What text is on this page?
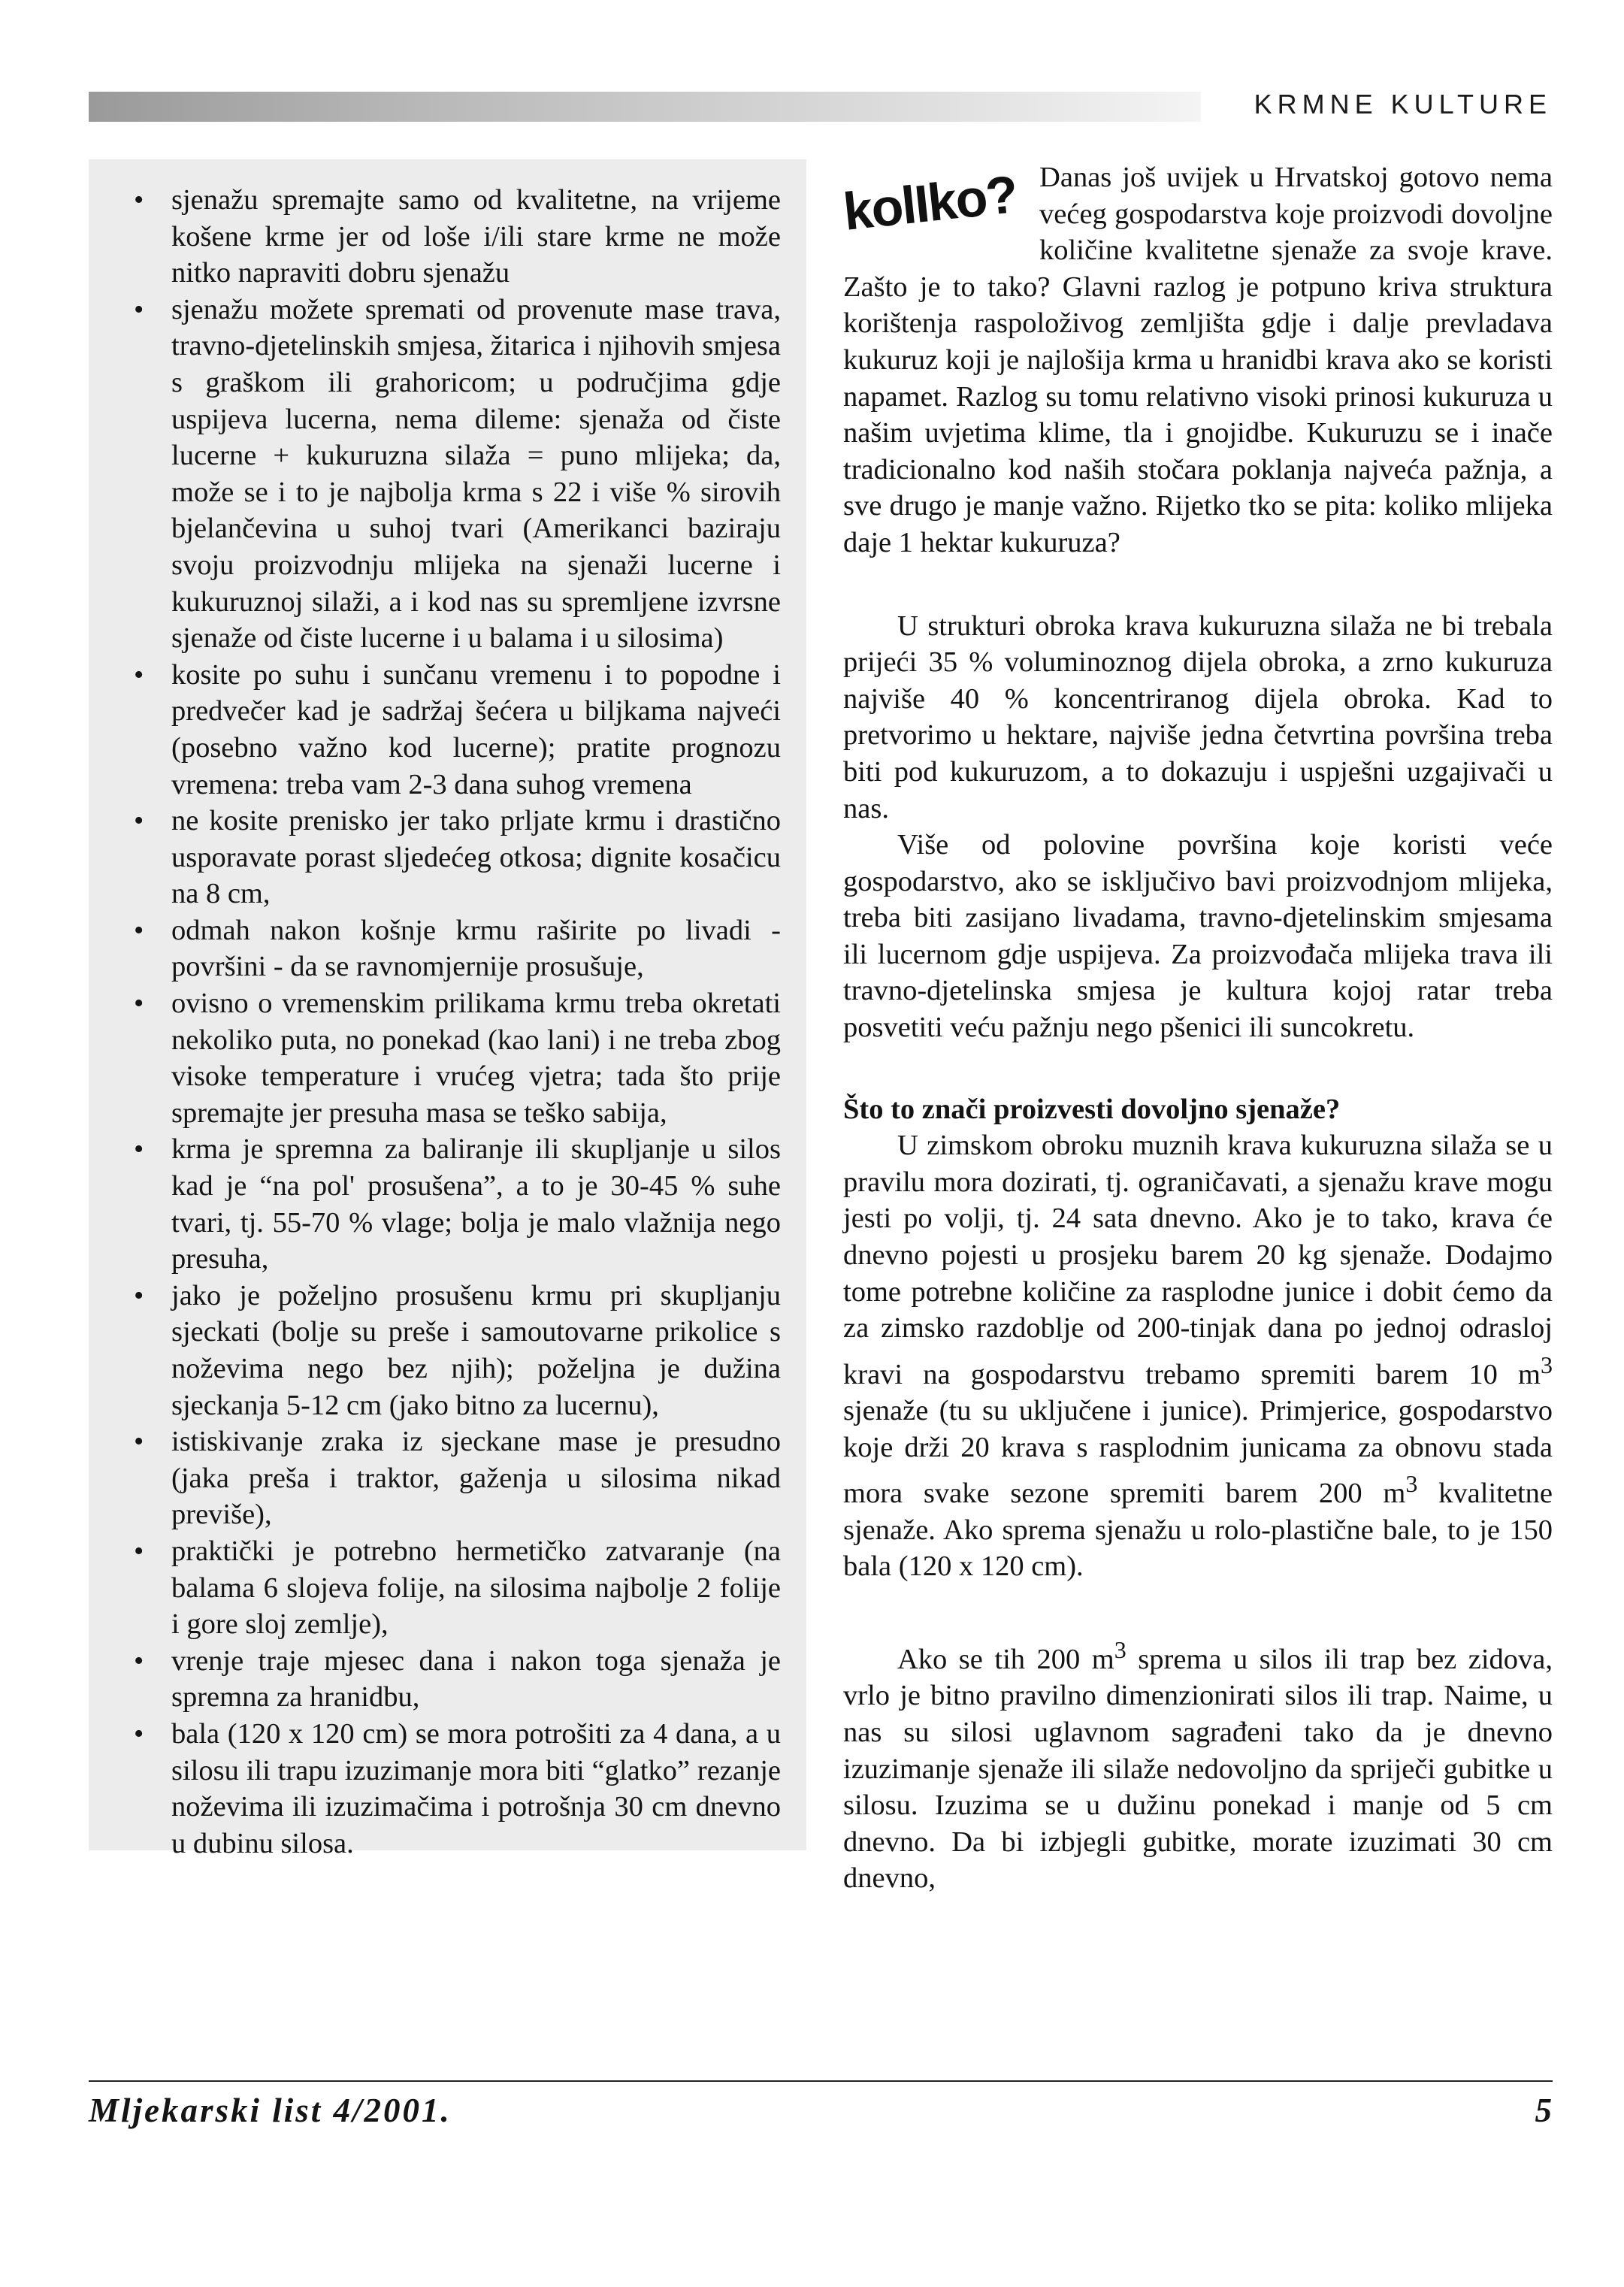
KRMNE KULTURE
• sjenažu spremajte samo od kvalitetne, na vrijeme košene krme jer od loše i/ili stare krme ne može nitko napraviti dobru sjenažu
• sjenažu možete spremati od provenute mase trava, travno-djetelinskih smjesa, žitarica i njihovih smjesa s graškom ili grahoricom; u područjima gdje uspijeva lucerna, nema dileme: sjenaža od čiste lucerne + kukuruzna silaža = puno mlijeka; da, može se i to je najbolja krma s 22 i više % sirovih bjelančevina u suhoj tvari (Amerikanci baziraju svoju proizvodnju mlijeka na sjenaži lucerne i kukuruznoj silaži, a i kod nas su spremljene izvrsne sjenaže od čiste lucerne i u balama i u silosima)
• kosite po suhu i sunčanu vremenu i to popodne i predvečer kad je sadržaj šećera u biljkama najveći (posebno važno kod lucerne); pratite prognozu vremena: treba vam 2-3 dana suhog vremena
• ne kosite prenisko jer tako prljate krmu i drastično usporavate porast sljedećeg otkosa; dignite kosačicu na 8 cm,
• odmah nakon košnje krmu raširite po livadi - površini - da se ravnomjernije prosušuje,
• ovisno o vremenskim prilikama krmu treba okretati nekoliko puta, no ponekad (kao lani) i ne treba zbog visoke temperature i vrućeg vjetra; tada što prije spremajte jer presuha masa se teško sabija,
• krma je spremna za baliranje ili skupljanje u silos kad je “na pol' prosušena”, a to je 30-45 % suhe tvari, tj. 55-70 % vlage; bolja je malo vlažnija nego presuha,
• jako je poželjno prosušenu krmu pri skupljanju sjeckati (bolje su preše i samoutovarne prikolice s noževima nego bez njih); poželjna je dužina sjeckanja 5-12 cm (jako bitno za lucernu),
• istiskivanje zraka iz sjeckane mase je presudno (jaka preša i traktor, gaženja u silosima nikad previše),
• praktički je potrebno hermetičko zatvaranje (na balama 6 slojeva folije, na silosima najbolje 2 folije i gore sloj zemlje),
• vrenje traje mjesec dana i nakon toga sjenaža je spremna za hranidbu,
• bala (120 x 120 cm) se mora potrošiti za 4 dana, a u silosu ili trapu izuzimanje mora biti “glatko” rezanje noževima ili izuzimačima i potrošnja 30 cm dnevno u dubinu silosa.
kolIko? Danas još uvijek u Hrvatskoj gotovo nema većeg gospodarstva koje proizvodi dovoljne količine kvalitetne sjenaže za svoje krave. Zašto je to tako? Glavni razlog je potpuno kriva struktura korištenja raspoloživog zemljišta gdje i dalje prevladava kukuruz koji je najlošija krma u hranidbi krava ako se koristi napamet. Razlog su tomu relativno visoki prinosi kukuruza u našim uvjetima klime, tla i gnojidbe. Kukuruzu se i inače tradicionalno kod naših stočara poklanja najveća pažnja, a sve drugo je manje važno. Rijetko tko se pita: koliko mlijeka daje 1 hektar kukuruza?

U strukturi obroka krava kukuruzna silaža ne bi trebala prijeći 35 % voluminoznog dijela obroka, a zrno kukuruza najviše 40 % koncentriranog dijela obroka. Kad to pretvorimo u hektare, najviše jedna četvrtina površina treba biti pod kukuruzom, a to dokazuju i uspješni uzgajivači u nas.

Više od polovine površina koje koristi veće gospodarstvo, ako se isključivo bavi proizvodnjom mlijeka, treba biti zasijano livadama, travno-djetelinskim smjesama ili lucernom gdje uspijeva. Za proizvođača mlijeka trava ili travno-djetelinska smjesa je kultura kojoj ratar treba posvetiti veću pažnju nego pšenici ili suncokretu.

Što to znači proizvesti dovoljno sjenaže?

U zimskom obroku muznih krava kukuruzna silaža se u pravilu mora dozirati, tj. ograničavati, a sjenažu krave mogu jesti po volji, tj. 24 sata dnevno. Ako je to tako, krava će dnevno pojesti u prosjeku barem 20 kg sjenaže. Dodajmo tome potrebne količine za rasplodne junice i dobit ćemo da za zimsko razdoblje od 200-tinjak dana po jednoj odrasloj kravi na gospodarstvu trebamo spremiti barem 10 $m^3$ sjenaže (tu su uključene i junice). Primjerice, gospodarstvo koje drži 20 krava s rasplodnim junicama za obnovu stada mora svake sezone spremiti barem 200 $m^3$ kvalitetne sjenaže. Ako sprema sjenažu u rolo-plastične bale, to je 150 bala (120 x 120 cm).

Ako se tih 200 $m^3$ sprema u silos ili trap bez zidova, vrlo je bitno pravilno dimenzionirati silos ili trap. Naime, u nas su silosi uglavnom sagrađeni tako da je dnevno izuzimanje sjenaže ili silaže nedovoljno da spriječi gubitke u silosu. Izuzima se u dužinu ponekad i manje od 5 cm dnevno. Da bi izbjegli gubitke, morate izuzimati 30 cm dnevno,

Mljekarski list 4/2001.	5
